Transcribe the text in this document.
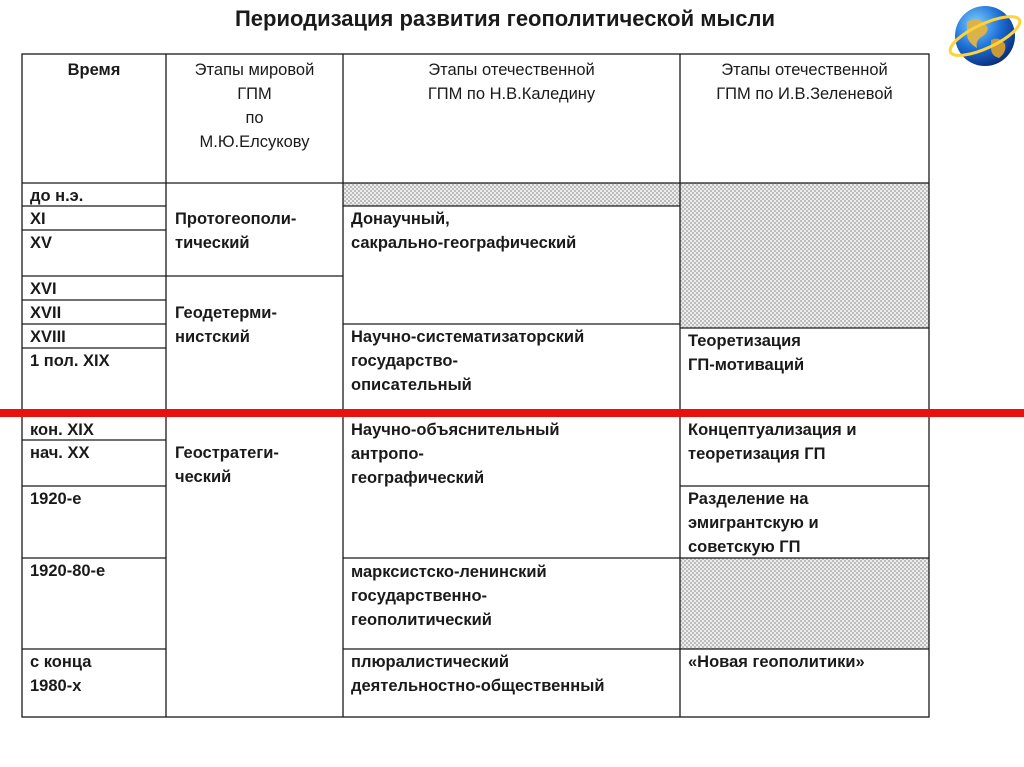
Периодизация развития геополитической мысли
Время	Этапы мировой
ГПМ
по
М.Ю.Елсукову
Этапы отечественной
ГПМ по Н.В.Каледину
Этапы отечественной
ГПМ по И.В.Зеленевой
до н.э.
XI
XV
XVI
XVII
XVIII
1 пол. XIX
кон. XIX
нач. XX
1920-е
1920-80-е
с конца
1980-х
Протогеополи-
тический
Геодетерми-
нистский
Геостратеги-
ческий
Донаучный,
сакрально-географический
Научно-систематизаторский
государство-
описательный
Научно-объяснительный
антропо-
географический
марксистско-ленинский
государственно-
геополитический
плюралистический
деятельностно-общественный
Теоретизация
ГП-мотиваций
Концептуализация и
теоретизация ГП
Разделение на
эмигрантскую и
советскую ГП
«Новая геополитики»
